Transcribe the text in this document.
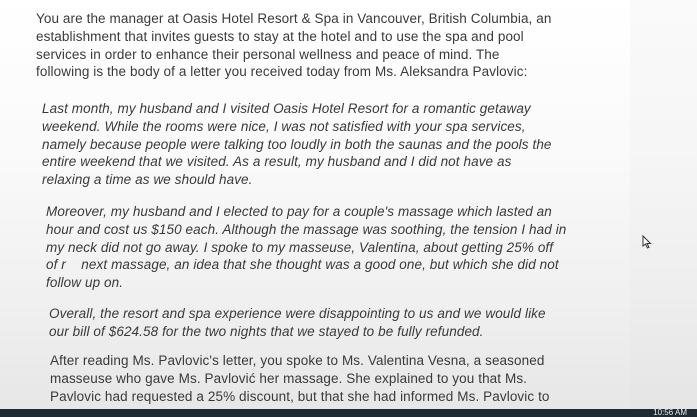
You are the manager at Oasis Hotel Resort & Spa in Vancouver, British Columbia, an
establishment that invites guests to stay at the hotel and to use the spa and pool
services in order to enhance their personal wellness and peace of mind. The
following is the body of a letter you received today from Ms. Aleksandra Pavlovic:

Last month, my husband and I visited Oasis Hotel Resort for a romantic getaway
weekend. While the rooms were nice, I was not satisfied with your spa services,
namely because people were talking too loudly in both the saunas and the pools the
entire weekend that we visited. As a result, my husband and I did not have as
relaxing a time as we should have.

Moreover, my husband and I elected to pay for a couple's massage which lasted an
hour and cost us $150 each. Although the massage was soothing, the tension I had in
my neck did not go away. I spoke to my masseuse, Valentina, about getting 25% off
of r    next massage, an idea that she thought was a good one, but which she did not
follow up on.

Overall, the resort and spa experience were disappointing to us and we would like
our bill of $624.58 for the two nights that we stayed to be fully refunded.

After reading Ms. Pavlovic's letter, you spoke to Ms. Valentina Vesna, a seasoned
masseuse who gave Ms. Pavlović her massage. She explained to you that Ms.
Pavlovic had requested a 25% discount, but that she had informed Ms. Pavlovic to

10:56 AM
